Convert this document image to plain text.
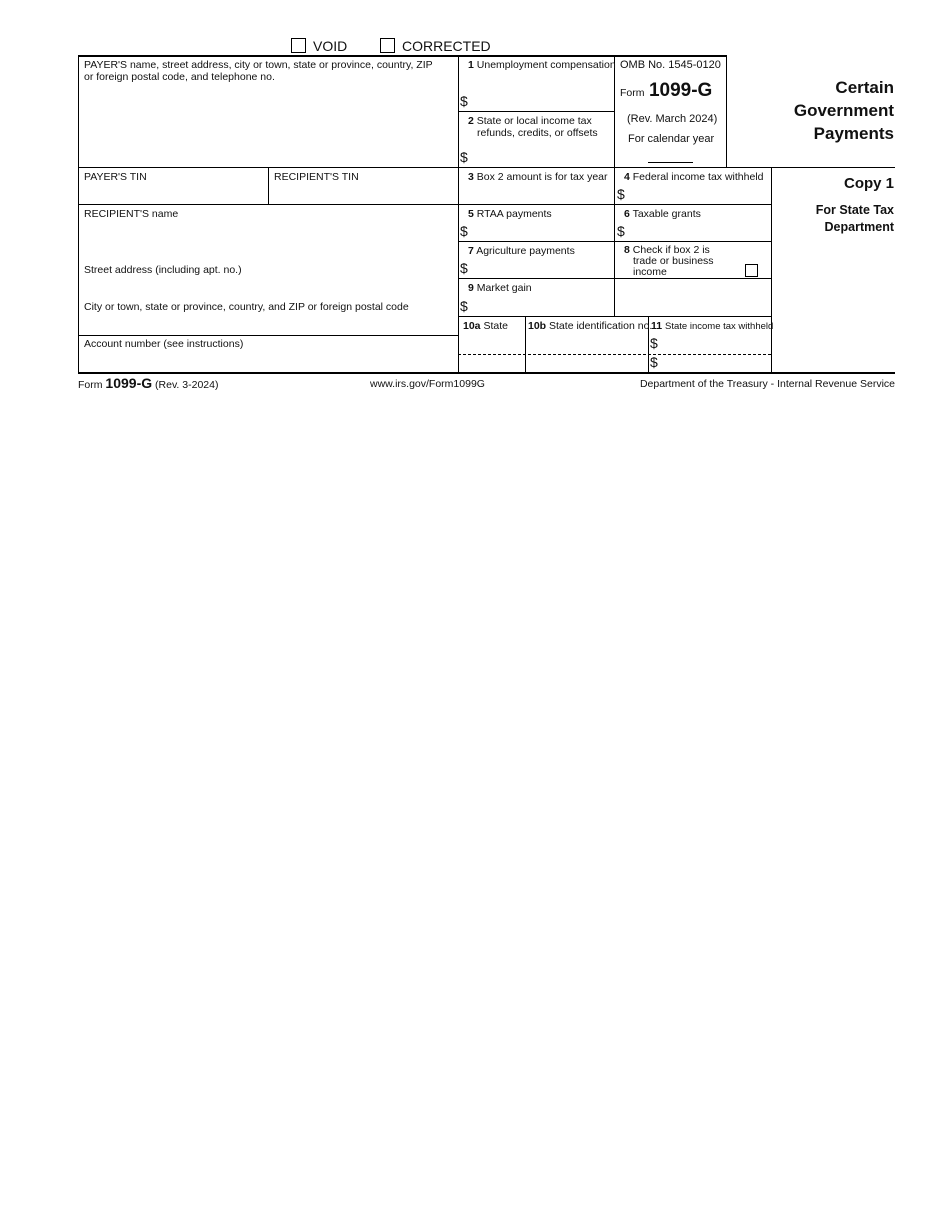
VOID	CORRECTED
PAYER'S name, street address, city or town, state or province, country, ZIP
or foreign postal code, and telephone no.
PAYER'S TIN	RECIPIENT'S TIN
RECIPIENT'S name
Street address (including apt. no.)
City or town, state or province, country, and ZIP or foreign postal code
Account number (see instructions)
1 Unemployment compensation
$
2 State or local income tax
refunds, credits, or offsets
$
3 Box 2 amount is for tax year 4 Federal income tax withheld
$
5 RTAA payments
$
6 Taxable grants
$
7 Agriculture payments
$
8 Check if box 2 is
trade or business
income
9 Market gain
$
10a State 10b State identification no.
11 State income tax withheld
$
$
OMB No. 1545-0120
Form 1099-G
(Rev. March 2024)
For calendar year
Certain
Government
Payments
Copy 1
For State Tax
Department
Form 1099-G (Rev. 3-2024)	www.irs.gov/Form1099G	Department of the Treasury - Internal Revenue Service
